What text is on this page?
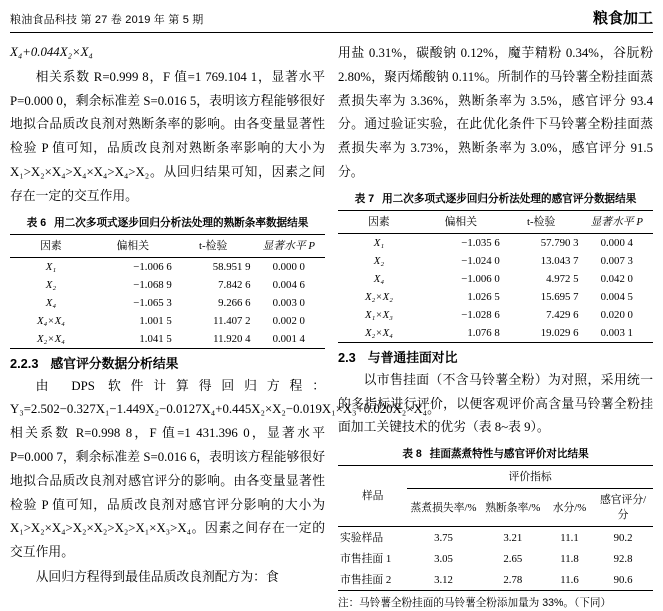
粮油食品科技 第 27 卷 2019 年 第 5 期	粮食加工

X₄+0.044X₂×X₄

相关系数 R=0.999 8，F 值=1 769.104 1，显著水平 P=0.000 0，剩余标准差 S=0.016 5，表明该方程能够很好地拟合品质改良剂对熟断条率的影响。由各变量显著性检验 P 值可知，品质改良剂对熟断条率影响的大小为 X₁>X₂×X₄>X₄×X₄>X₄>X₂。从回归结果可知，因素之间存在一定的交互作用。

表 6 用二次多项式逐步回归分析法处理的熟断条率数据结果
因素	偏相关	t-检验	显著水平 P
X₁	−1.006 6	58.951 9	0.000 0
X₂	−1.068 9	7.842 6	0.004 6
X₄	−1.065 3	9.266 6	0.003 0
X₄×X₄	1.001 5	11.407 2	0.002 0
X₂×X₄	1.041 5	11.920 4	0.001 4
2.2.3 感官评分数据分析结果

由 DPS 软件计算得回归方程：Y₃=2.502−0.327X₁−1.449X₂−0.0127X₄+0.445X₂×X₂−0.019X₁×X₃+0.020X₂×X₄。相关系数 R=0.998 8，F 值=1 431.396 0，显著水平 P=0.000 7，剩余标准差 S=0.016 6，表明该方程能够很好地拟合品质改良剂对感官评分的影响。由各变量显著性检验 P 值可知，品质改良剂对感官评分影响的大小为 X₁>X₂×X₄>X₂×X₂>X₂>X₁×X₃>X₄。因素之间存在一定的交互作用。

从回归方程得到最佳品质改良剂配方为：食

用盐 0.31%，碳酸钠 0.12%，魔芋精粉 0.34%，谷朊粉 2.80%，聚丙烯酸钠 0.11%。所制作的马铃薯全粉挂面蒸煮损失率为 3.36%，熟断条率为 3.5%，感官评分 93.4 分。通过验证实验，在此优化条件下马铃薯全粉挂面蒸煮损失率为 3.73%，熟断条率为 3.0%，感官评分 91.5 分。

表 7 用二次多项式逐步回归分析法处理的感官评分数据结果
因素	偏相关	t-检验	显著水平 P
X₁	−1.035 6	57.790 3	0.000 4
X₂	−1.024 0	13.043 7	0.007 3
X₄	−1.006 0	4.972 5	0.042 0
X₂×X₂	1.026 5	15.695 7	0.004 5
X₁×X₃	−1.028 6	7.429 6	0.020 0
X₂×X₄	1.076 8	19.029 6	0.003 1
2.3 与普通挂面对比

以市售挂面（不含马铃薯全粉）为对照，采用统一的多指标进行评价，以便客观评价高含量马铃薯全粉挂面加工关键技术的优劣（表 8~表 9）。

表 8 挂面蒸煮特性与感官评价对比结果
样品	评价指标			
	蒸煮损失率/%	熟断条率/%	水分/%	感官评分/分
实验样品	3.75	3.21	11.1	90.2
市售挂面 1	3.05	2.65	11.8	92.8
市售挂面 2	3.12	2.78	11.6	90.6

注：马铃薯全粉挂面的马铃薯全粉添加量为 33%。（下同）
